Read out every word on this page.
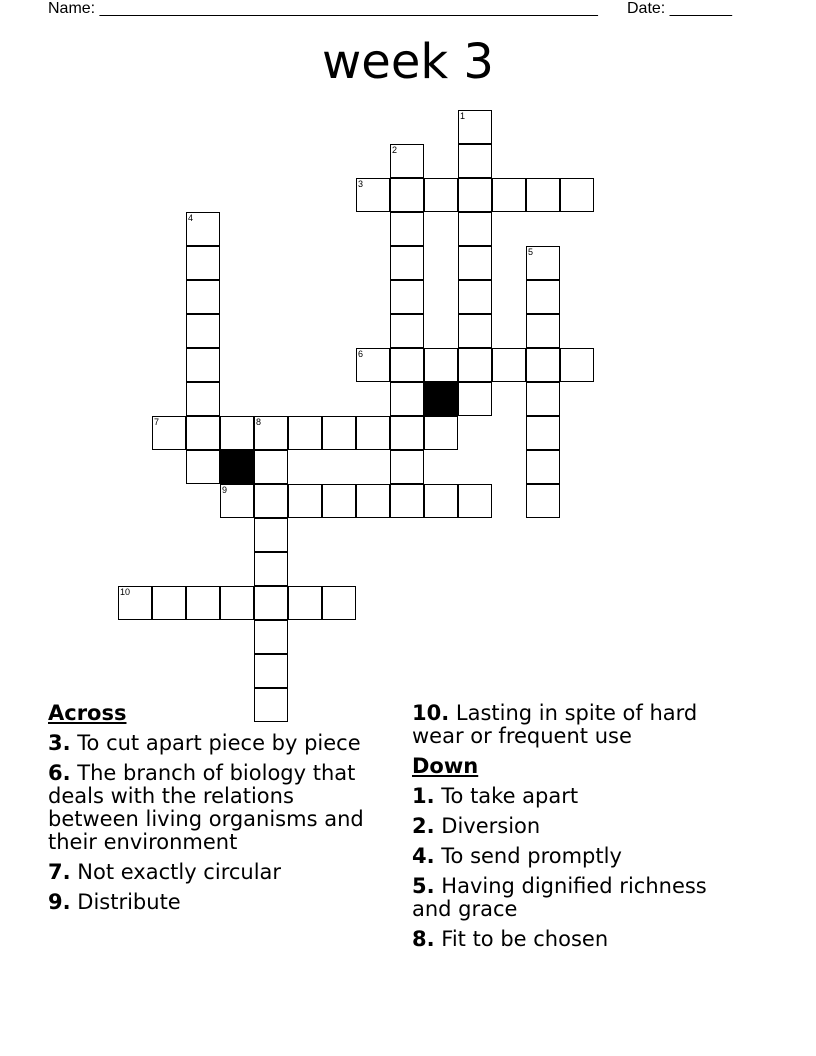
Name: ________________________________________________________ Date: _______
week 3
1
2
3
4
5
6
7	8
9
10
Across
3. To cut apart piece by piece
6. The branch of biology that deals with the relations between living organisms and their environment
7. Not exactly circular
9. Distribute
10. Lasting in spite of hard wear or frequent use
Down
1. To take apart
2. Diversion
4. To send promptly
5. Having dignified richness and grace
8. Fit to be chosen
